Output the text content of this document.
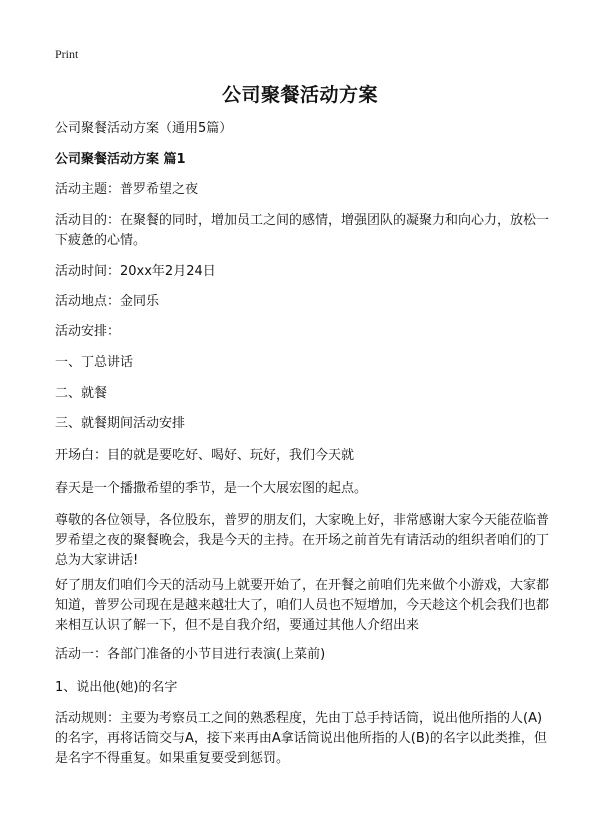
Print
公司聚餐活动方案
公司聚餐活动方案（通用5篇）
公司聚餐活动方案 篇1
活动主题：普罗希望之夜
活动目的：在聚餐的同时，增加员工之间的感情，增强团队的凝聚力和向心力，放松一下疲惫的心情。
活动时间：20xx年2月24日
活动地点：金同乐
活动安排：
一、丁总讲话
二、就餐
三、就餐期间活动安排
开场白：目的就是要吃好、喝好、玩好，我们今天就
春天是一个播撒希望的季节，是一个大展宏图的起点。
尊敬的各位领导，各位股东，普罗的朋友们，大家晚上好，非常感谢大家今天能莅临普罗希望之夜的聚餐晚会，我是今天的主持。在开场之前首先有请活动的组织者咱们的丁总为大家讲话!
好了朋友们咱们今天的活动马上就要开始了，在开餐之前咱们先来做个小游戏，大家都知道，普罗公司现在是越来越壮大了，咱们人员也不短增加，今天趁这个机会我们也都来相互认识了解一下，但不是自我介绍，要通过其他人介绍出来
活动一：各部门准备的小节目进行表演(上菜前)
1、说出他(她)的名字
活动规则：主要为考察员工之间的熟悉程度，先由丁总手持话筒，说出他所指的人(A)的名字，再将话筒交与A，接下来再由A拿话筒说出他所指的人(B)的名字以此类推，但是名字不得重复。如果重复要受到惩罚。
